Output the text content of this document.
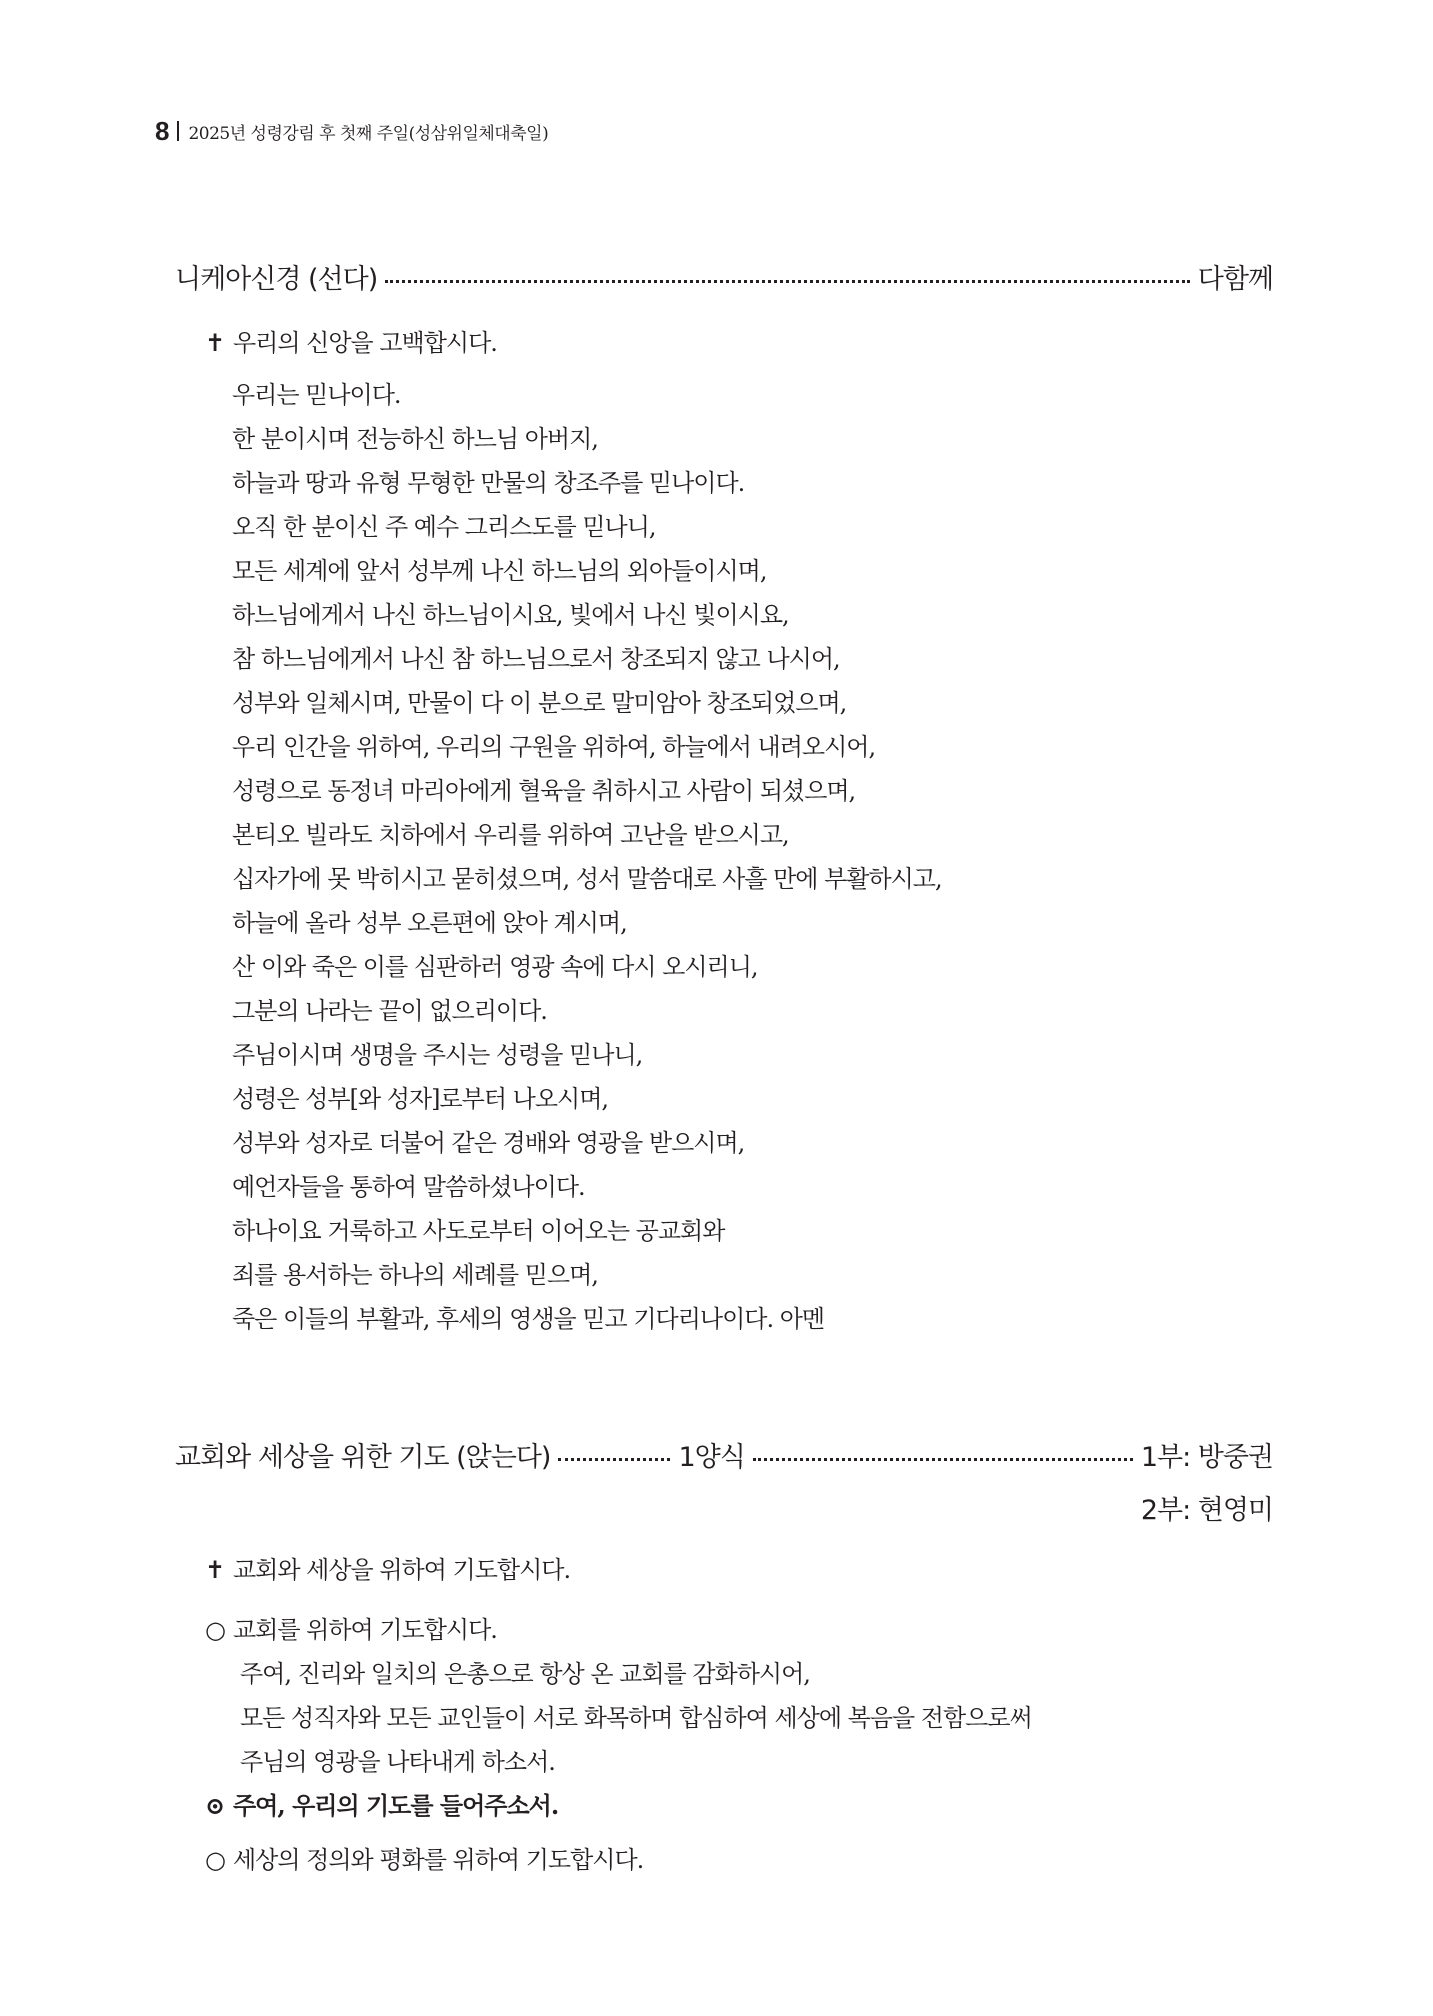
8 2025년 성령강림 후 첫째 주일(성삼위일체대축일)
니케아신경 (선다)	다함께
✝ 우리의 신앙을 고백합시다.
우리는 믿나이다.
한 분이시며 전능하신 하느님 아버지,
하늘과 땅과 유형 무형한 만물의 창조주를 믿나이다.
오직 한 분이신 주 예수 그리스도를 믿나니,
모든 세계에 앞서 성부께 나신 하느님의 외아들이시며,
하느님에게서 나신 하느님이시요, 빛에서 나신 빛이시요,
참 하느님에게서 나신 참 하느님으로서 창조되지 않고 나시어,
성부와 일체시며, 만물이 다 이 분으로 말미암아 창조되었으며,
우리 인간을 위하여, 우리의 구원을 위하여, 하늘에서 내려오시어,
성령으로 동정녀 마리아에게 혈육을 취하시고 사람이 되셨으며,
본티오 빌라도 치하에서 우리를 위하여 고난을 받으시고,
십자가에 못 박히시고 묻히셨으며, 성서 말씀대로 사흘 만에 부활하시고,
하늘에 올라 성부 오른편에 앉아 계시며,
산 이와 죽은 이를 심판하러 영광 속에 다시 오시리니,
그분의 나라는 끝이 없으리이다.
주님이시며 생명을 주시는 성령을 믿나니,
성령은 성부[와 성자]로부터 나오시며,
성부와 성자로 더불어 같은 경배와 영광을 받으시며,
예언자들을 통하여 말씀하셨나이다.
하나이요 거룩하고 사도로부터 이어오는 공교회와
죄를 용서하는 하나의 세례를 믿으며,
죽은 이들의 부활과, 후세의 영생을 믿고 기다리나이다. 아멘
교회와 세상을 위한 기도 (앉는다)	1양식	1부: 방중권
2부: 현영미
✝ 교회와 세상을 위하여 기도합시다.
○ 교회를 위하여 기도합시다.
주여, 진리와 일치의 은총으로 항상 온 교회를 감화하시어,
모든 성직자와 모든 교인들이 서로 화목하며 합심하여 세상에 복음을 전함으로써
주님의 영광을 나타내게 하소서.
⊙ 주여, 우리의 기도를 들어주소서.
○ 세상의 정의와 평화를 위하여 기도합시다.
